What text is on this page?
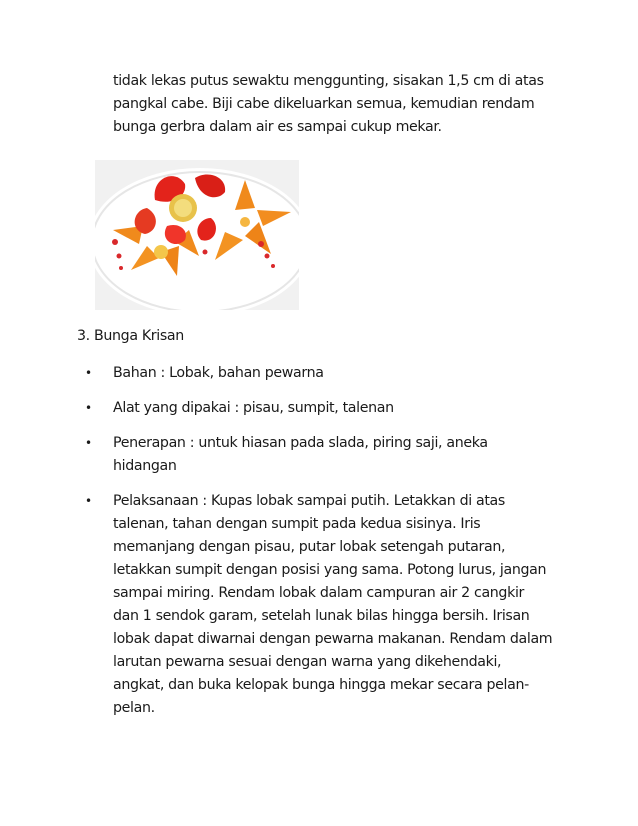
tidak lekas putus sewaktu menggunting, sisakan 1,5 cm di atas

pangkal cabe. Biji cabe dikeluarkan semua, kemudian rendam

bunga gerbra dalam air es sampai cukup mekar.

3. Bunga Krisan
• Bahan : Lobak, bahan pewarna

• Alat yang dipakai : pisau, sumpit, talenan

• Penerapan : untuk hiasan pada slada, piring saji, aneka

hidangan

• Pelaksanaan : Kupas lobak sampai putih. Letakkan di atas

talenan, tahan dengan sumpit pada kedua sisinya. Iris

memanjang dengan pisau, putar lobak setengah putaran,

letakkan sumpit dengan posisi yang sama. Potong lurus, jangan

sampai miring. Rendam lobak dalam campuran air 2 cangkir

dan 1 sendok garam, setelah lunak bilas hingga bersih. Irisan

lobak dapat diwarnai dengan pewarna makanan. Rendam dalam

larutan pewarna sesuai dengan warna yang dikehendaki,

angkat, dan buka kelopak bunga hingga mekar secara pelan-

pelan.
